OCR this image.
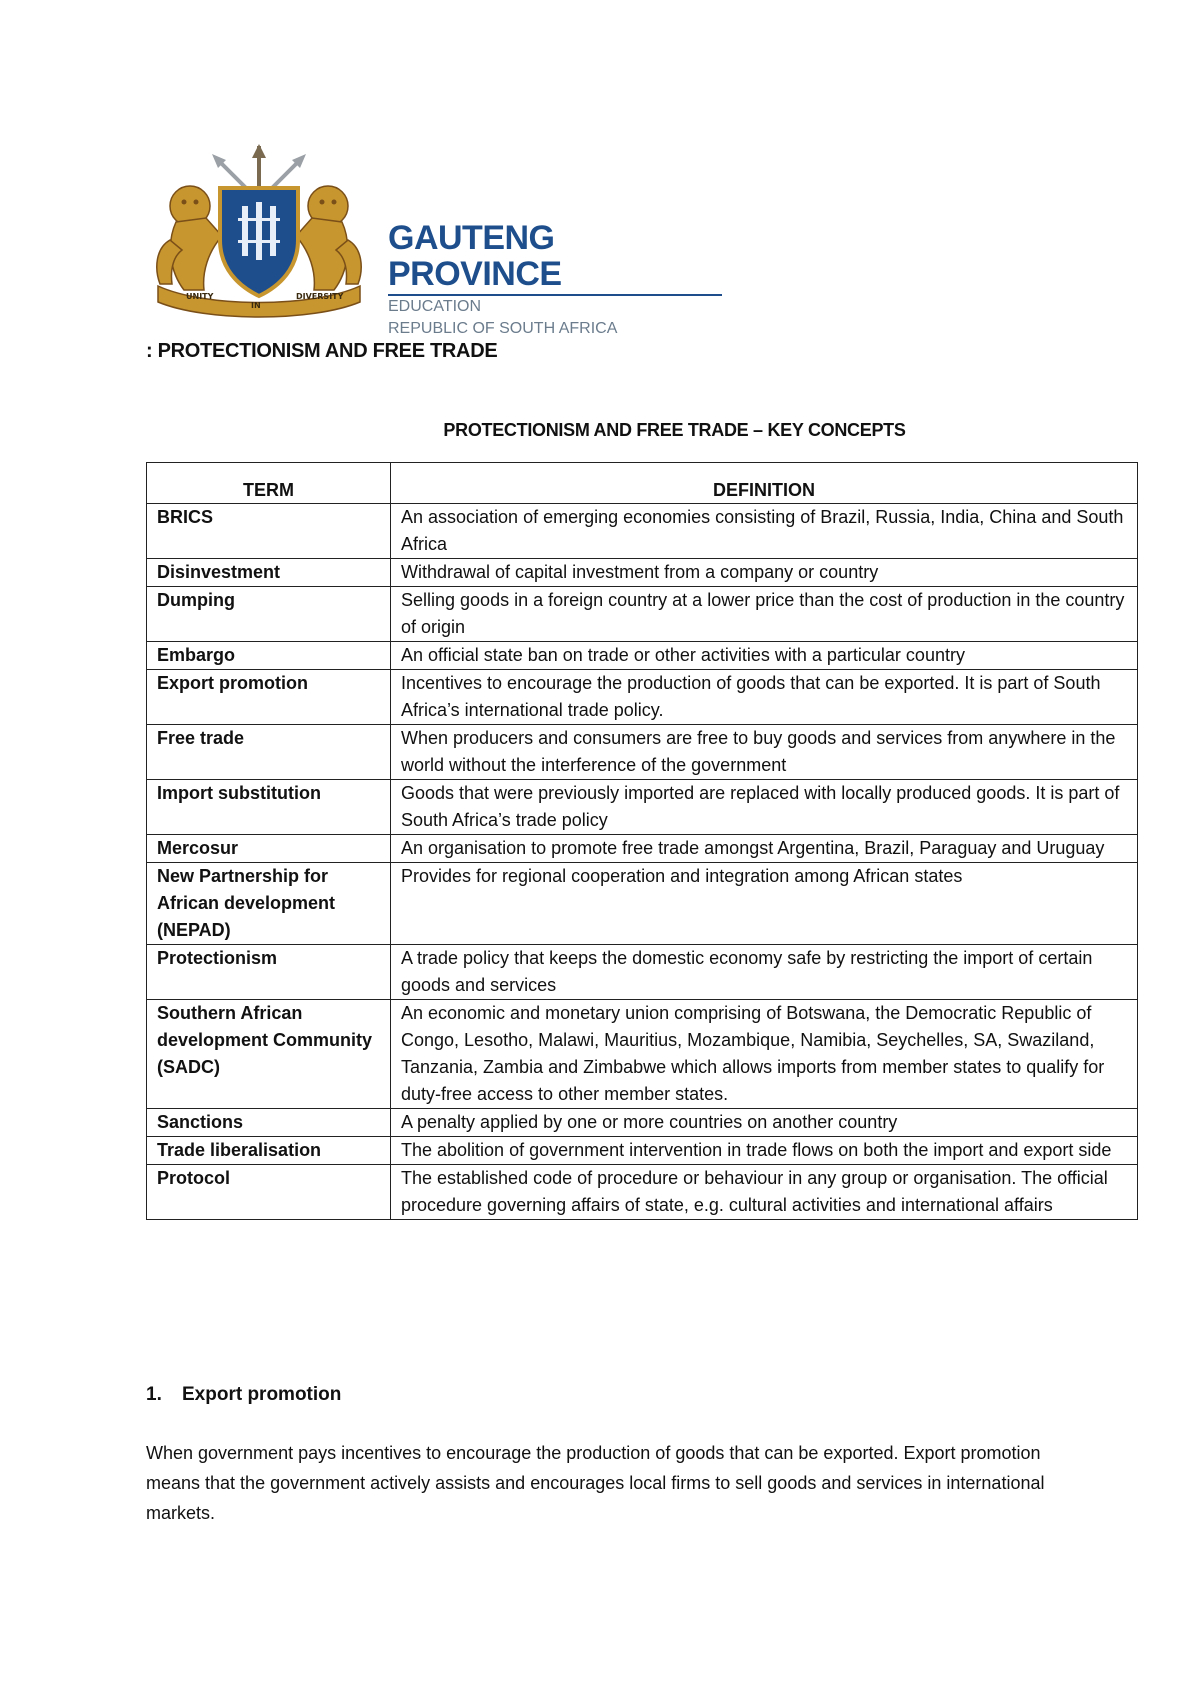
UNITY
IN
DIVERSITY
GAUTENG PROVINCE
EDUCATION
REPUBLIC OF SOUTH AFRICA
: PROTECTIONISM AND FREE TRADE
PROTECTIONISM AND FREE TRADE – KEY CONCEPTS
TERM	DEFINITION
BRICS	An association of emerging economies consisting of Brazil, Russia, India, China and South Africa
Disinvestment	Withdrawal of capital investment from a company or country
Dumping	Selling goods in a foreign country at a lower price than the cost of production in the country of origin
Embargo	An official state ban on trade or other activities with a particular country
Export promotion	Incentives to encourage the production of goods that can be exported. It is part of South Africa’s international trade policy.
Free trade	When producers and consumers are free to buy goods and services from anywhere in the world without the interference of the government
Import substitution	Goods that were previously imported are replaced with locally produced goods. It is part of South Africa’s trade policy
Mercosur	An organisation to promote free trade amongst Argentina, Brazil, Paraguay and Uruguay
New Partnership for African development (NEPAD)	Provides for regional cooperation and integration among African states
Protectionism	A trade policy that keeps the domestic economy safe by restricting the import of certain goods and services
Southern African development Community (SADC)	An economic and monetary union comprising of Botswana, the Democratic Republic of Congo, Lesotho, Malawi, Mauritius, Mozambique, Namibia, Seychelles, SA, Swaziland, Tanzania, Zambia and Zimbabwe which allows imports from member states to qualify for duty-free access to other member states.
Sanctions	A penalty applied by one or more countries on another country
Trade liberalisation	The abolition of government intervention in trade flows on both the import and export side
Protocol	The established code of procedure or behaviour in any group or organisation. The official procedure governing affairs of state, e.g. cultural activities and international affairs
1. Export promotion
When government pays incentives to encourage the production of goods that can be exported. Export promotion means that the government actively assists and encourages local firms to sell goods and services in international markets.
